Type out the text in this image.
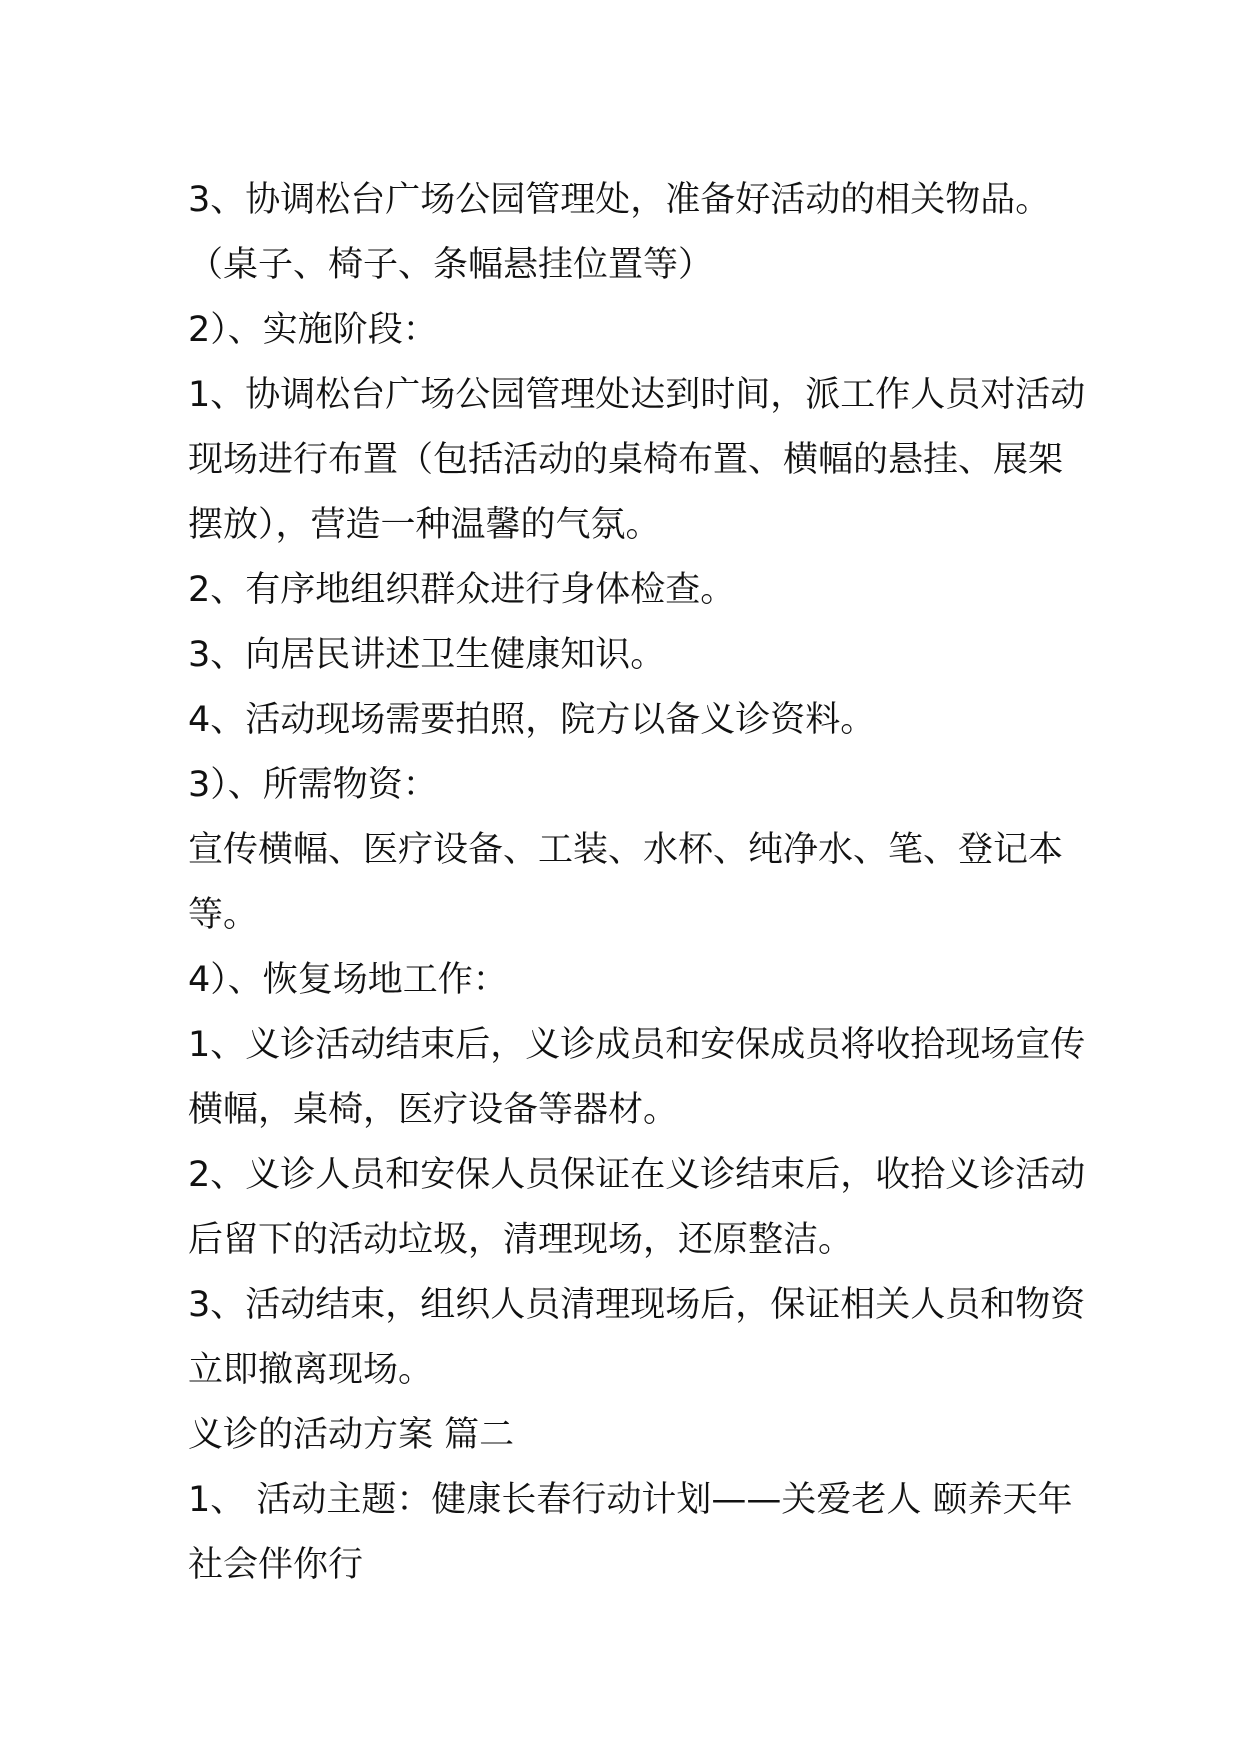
3、协调松台广场公园管理处，准备好活动的相关物品。
（桌子、椅子、条幅悬挂位置等）
2）、实施阶段：
1、协调松台广场公园管理处达到时间，派工作人员对活动
现场进行布置（包括活动的桌椅布置、横幅的悬挂、展架
摆放），营造一种温馨的气氛。
2、有序地组织群众进行身体检查。
3、向居民讲述卫生健康知识。
4、活动现场需要拍照，院方以备义诊资料。
3）、所需物资：
宣传横幅、医疗设备、工装、水杯、纯净水、笔、登记本
等。
4）、恢复场地工作：
1、义诊活动结束后，义诊成员和安保成员将收拾现场宣传
横幅，桌椅，医疗设备等器材。
2、义诊人员和安保人员保证在义诊结束后，收拾义诊活动
后留下的活动垃圾，清理现场，还原整洁。
3、活动结束，组织人员清理现场后，保证相关人员和物资
立即撤离现场。
义诊的活动方案 篇二
1、 活动主题：健康长春行动计划——关爱老人 颐养天年
社会伴你行
